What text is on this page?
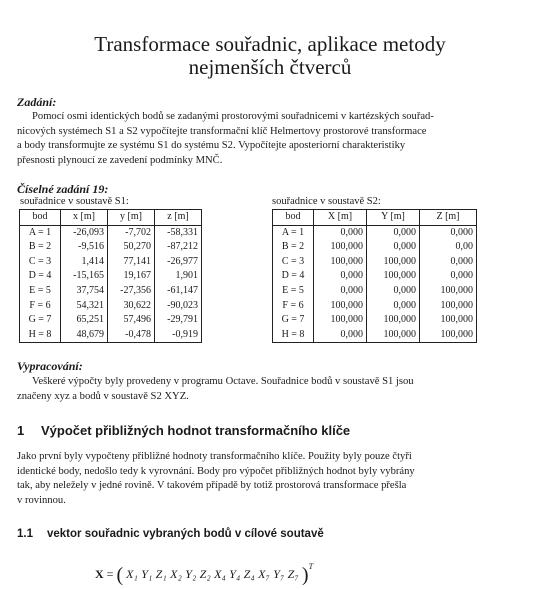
Transformace souřadnic, aplikace metody
nejmenších čtverců
Zadání:
Pomocí osmi identických bodů se zadanými prostorovými souřadnicemi v kartézských souřad-
nicových systémech S1 a S2 vypočítejte transformační klíč Helmertovy prostorové transformace
a body transformujte ze systému S1 do systému S2. Vypočítejte aposteriorní charakteristiky
přesnosti plynoucí ze zavedení podmínky MNČ.
Číselné zadání 19:
souřadnice v soustavě S1:	souřadnice v soustavě S2:
bod	x [m]	y [m]	z [m]
A = 1	-26,093	-7,702	-58,331
B = 2	-9,516	50,270	-87,212
C = 3	1,414	77,141	-26,977
D = 4	-15,165	19,167	1,901
E = 5	37,754	-27,356	-61,147
F = 6	54,321	30,622	-90,023
G = 7	65,251	57,496	-29,791
H = 8	48,679	-0,478	-0,919
bod	X [m]	Y [m]	Z [m]
A = 1	0,000	0,000	0,000
B = 2	100,000	0,000	0,00
C = 3	100,000	100,000	0,000
D = 4	0,000	100,000	0,000
E = 5	0,000	0,000	100,000
F = 6	100,000	0,000	100,000
G = 7	100,000	100,000	100,000
H = 8	0,000	100,000	100,000
Vypracování:
Veškeré výpočty byly provedeny v programu Octave. Souřadnice bodů v soustavě S1 jsou
značeny xyz a bodů v soustavě S2 XYZ.
1 Výpočet přibližných hodnot transformačního klíče
Jako první byly vypočteny přibližné hodnoty transformačního klíče. Použity byly pouze čtyři
identické body, nedošlo tedy k vyrovnání. Body pro výpočet přibližných hodnot byly vybrány
tak, aby neležely v jedné rovině. V takovém případě by totiž prostorová transformace přešla
v rovinnou.
1.1 vektor souřadnic vybraných bodů v cílové soutavě
X = ( X₁ Y₁ Z₁ X₂ Y₂ Z₂ X₄ Y₄ Z₄ X₇ Y₇ Z₇ )$^T$
